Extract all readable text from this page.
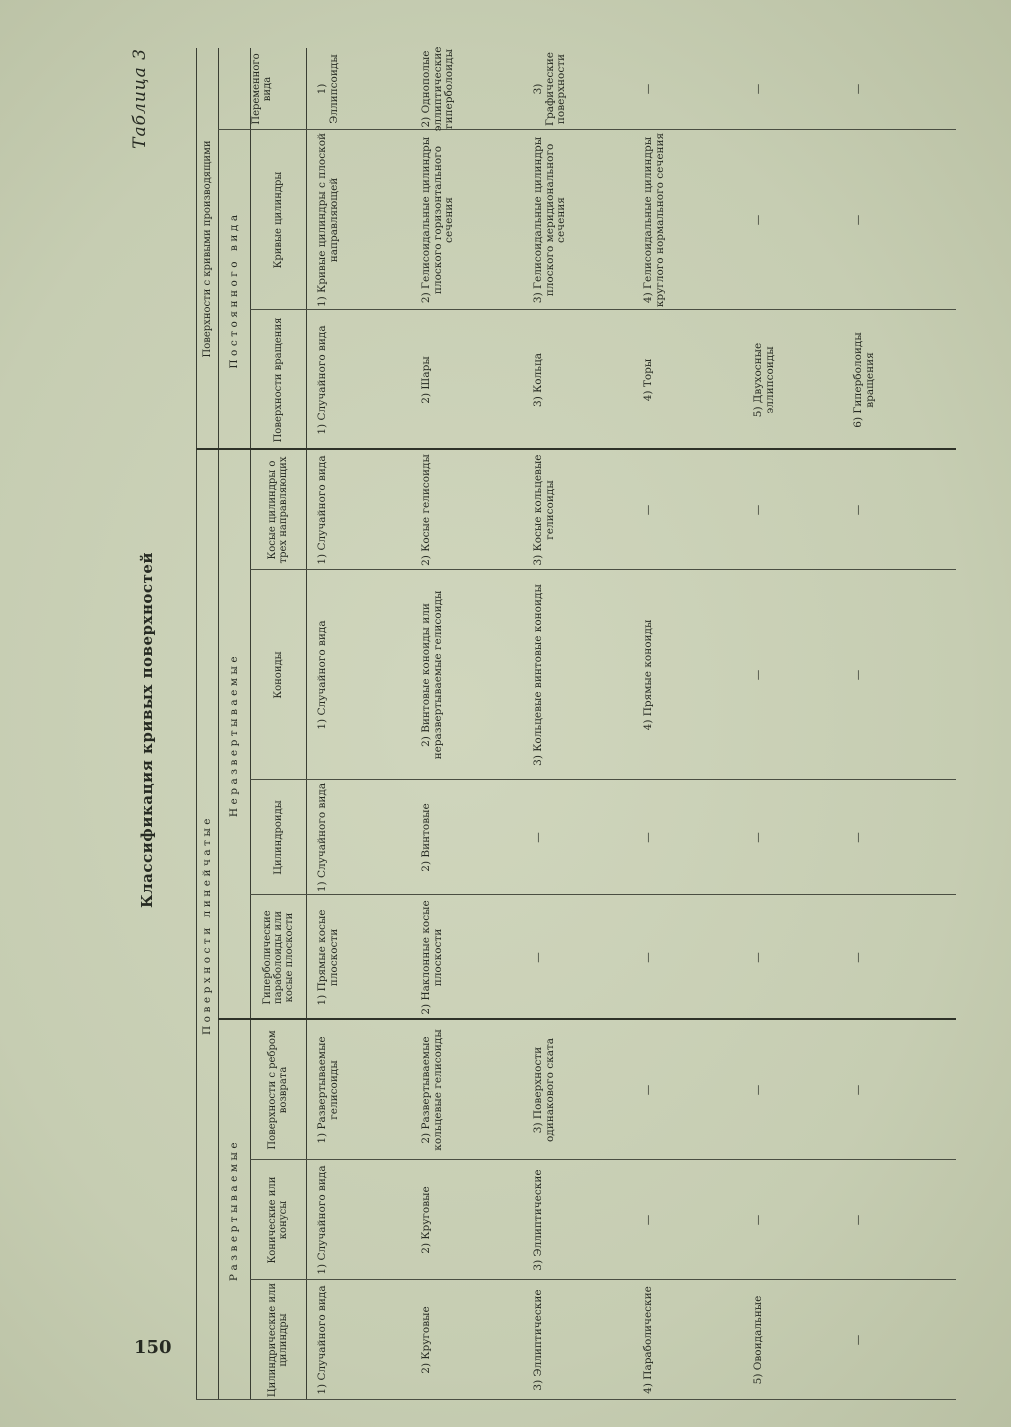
150
Классификация кривых поверхностей
Таблица 3
Поверхности линейчатые
Поверхности с кривыми производящими
Развертываемые
Неразвертываемые
Постоянного вида
Переменного вида
Цилиндрические или цилиндры
Конические или конусы
Поверхности с ребром возврата
Гиперболические параболоиды или косые плоскости
Цилиндроиды
Коноиды
Косые цилиндры о трех направляющих
Поверхности вращения
Кривые цилиндры
1) Случайного вида
1) Случайного вида
1) Развертываемые гелисоиды
1) Прямые косые плоскости
1) Случайного вида
1) Случайного вида
1) Случайного вида
1) Случайного вида
1) Кривые цилиндры с плоской направляющей
1) Эллипсоиды
2) Круговые
2) Круговые
2) Развертываемые кольцевые гелисоиды
2) Наклонные косые плоскости
2) Винтовые
2) Винтовые коноиды или неразвертываемые гелисоиды
2) Косые гелисоиды
2) Шары
2) Гелисоидальные цилиндры плоского горизонтального сечения
2) Однополые эллиптические гиперболоиды
3) Эллиптические
3) Эллиптические
3) Поверхности одинакового ската
—
—
3) Кольцевые винтовые коноиды
3) Косые кольцевые гелисоиды
3) Кольца
3) Гелисоидальные цилиндры плоского меридионального сечения
3) Графические поверхности
4) Параболические
—
—
—
—
4) Прямые коноиды
—
4) Торы
4) Гелисоидальные цилиндры круглого нормального сечения
—
5) Овоидальные
—
—
—
—
—
—
5) Двухосные эллипсоиды
—
—
—
—
—
—
—
—
—
6) Гиперболоиды вращения
—
—
